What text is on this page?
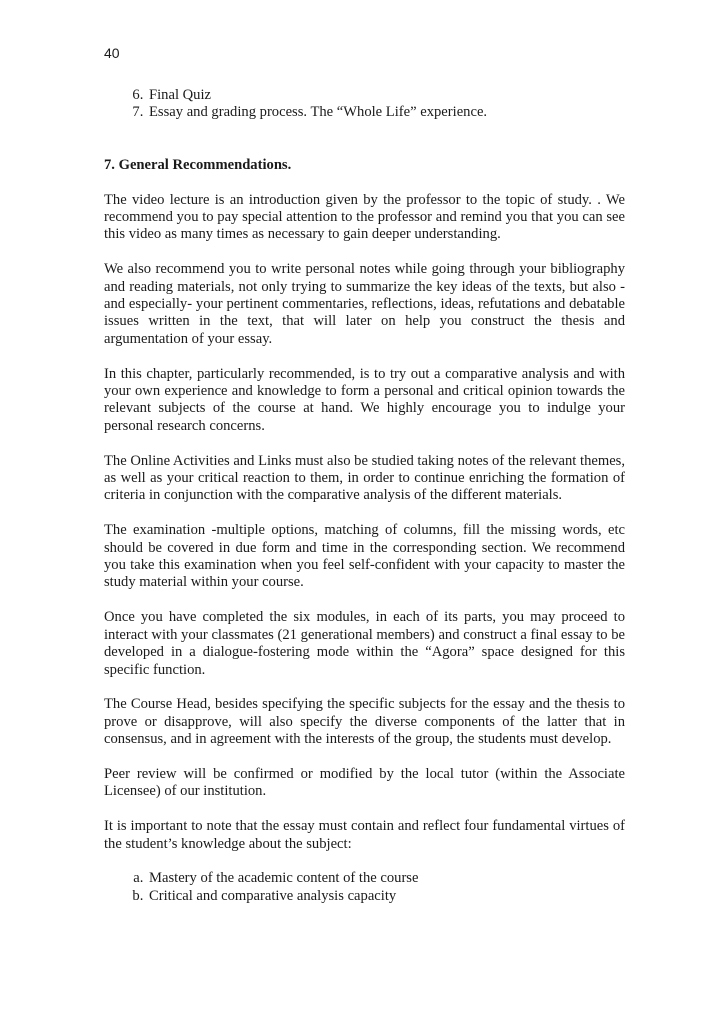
40
6. Final Quiz
7. Essay and grading process. The “Whole Life” experience.
7. General Recommendations.

The video lecture is an introduction given by the professor to the topic of study. . We recommend you to pay special attention to the professor and remind you that you can see this video as many times as necessary to gain deeper understanding.

We also recommend you to write personal notes while going through your bibliography and reading materials, not only trying to summarize the key ideas of the texts, but also -and especially- your pertinent commentaries, reflections, ideas, refutations and debatable issues written in the text, that will later on help you construct the thesis and argumentation of your essay.

In this chapter, particularly recommended, is to try out a comparative analysis and with your own experience and knowledge to form a personal and critical opinion towards the relevant subjects of the course at hand. We highly encourage you to indulge your personal research concerns.

The Online Activities and Links must also be studied taking notes of the relevant themes, as well as your critical reaction to them, in order to continue enriching the formation of criteria in conjunction with the comparative analysis of the different materials.

The examination -multiple options, matching of columns, fill the missing words, etc should be covered in due form and time in the corresponding section. We recommend you take this examination when you feel self-confident with your capacity to master the study material within your course.

Once you have completed the six modules, in each of its parts, you may proceed to interact with your classmates (21 generational members) and construct a final essay to be developed in a dialogue-fostering mode within the “Agora” space designed for this specific function.

The Course Head, besides specifying the specific subjects for the essay and the thesis to prove or disapprove, will also specify the diverse components of the latter that in consensus, and in agreement with the interests of the group, the students must develop.

Peer review will be confirmed or modified by the local tutor (within the Associate Licensee) of our institution.

It is important to note that the essay must contain and reflect four fundamental virtues of the student’s knowledge about the subject:

a. Mastery of the academic content of the course
b. Critical and comparative analysis capacity
